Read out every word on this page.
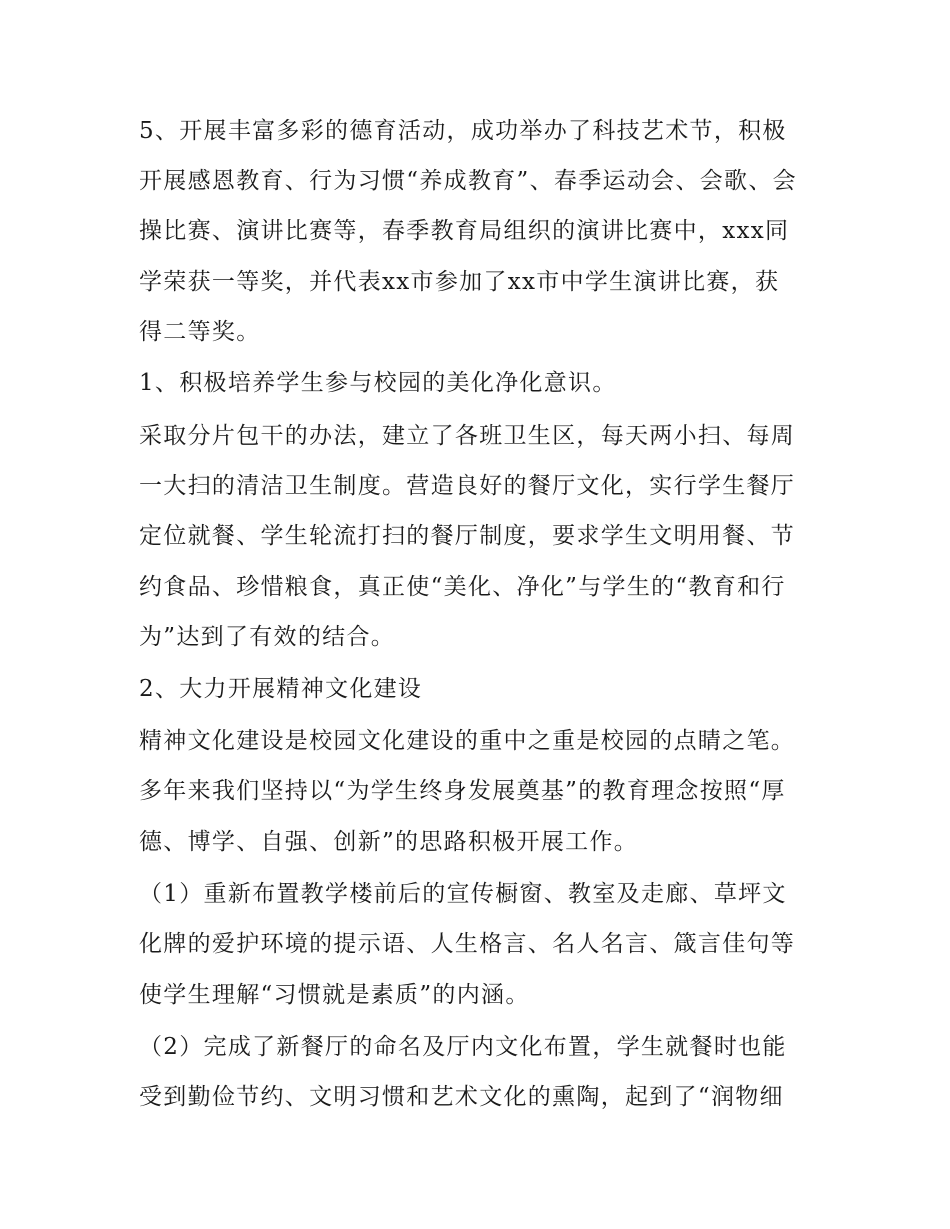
5、开展丰富多彩的德育活动，成功举办了科技艺术节，积极
开展感恩教育、行为习惯“养成教育”、春季运动会、会歌、会
操比赛、演讲比赛等，春季教育局组织的演讲比赛中，xxx同
学荣获一等奖，并代表xx市参加了xx市中学生演讲比赛，获
得二等奖。
1、积极培养学生参与校园的美化净化意识。
采取分片包干的办法，建立了各班卫生区，每天两小扫、每周
一大扫的清洁卫生制度。营造良好的餐厅文化，实行学生餐厅
定位就餐、学生轮流打扫的餐厅制度，要求学生文明用餐、节
约食品、珍惜粮食，真正使“美化、净化”与学生的“教育和行
为”达到了有效的结合。
2、大力开展精神文化建设
精神文化建设是校园文化建设的重中之重是校园的点睛之笔。
多年来我们坚持以“为学生终身发展奠基”的教育理念按照“厚
德、博学、自强、创新”的思路积极开展工作。
（1）重新布置教学楼前后的宣传橱窗、教室及走廊、草坪文
化牌的爱护环境的提示语、人生格言、名人名言、箴言佳句等
使学生理解“习惯就是素质”的内涵。
（2）完成了新餐厅的命名及厅内文化布置，学生就餐时也能
受到勤俭节约、文明习惯和艺术文化的熏陶，起到了“润物细
